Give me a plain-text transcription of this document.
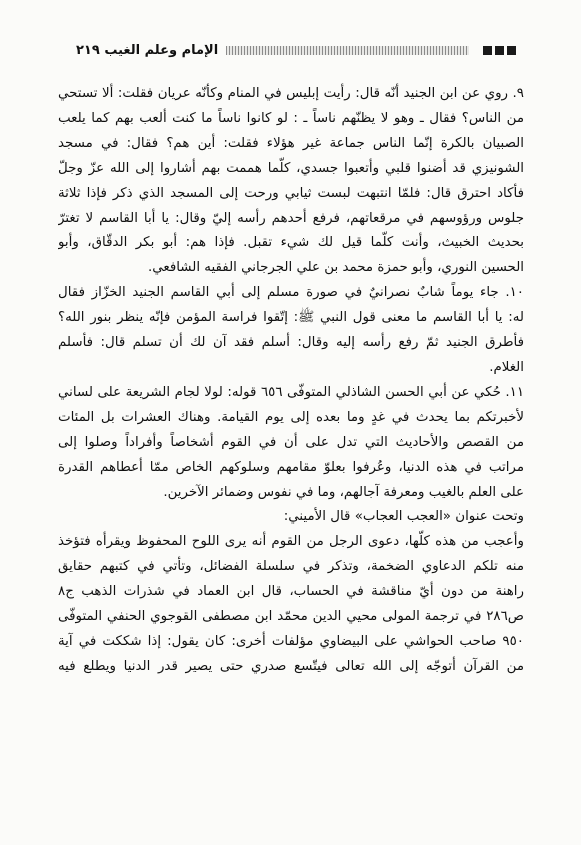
الإمام وعلم الغيب ٢١٩
٩. روي عن ابن الجنيد أنّه قال: رأيت إبليس في المنام وكأنّه عريان فقلت: ألا تستحي
من الناس؟ فقال ـ وهو لا يظنّهم ناساً ـ : لو كانوا ناساً ما كنت ألعب بهم كما يلعب
الصبيان بالكرة إنّما الناس جماعة غير هؤلاء فقلت: أين هم؟ فقال: في مسجد
الشونيزي قد أضنوا قلبي وأتعبوا جسدي، كلّما هممت بهم أشاروا إلى الله عزّ وجلّ
فأكاد احترق قال: فلمّا انتبهت لبست ثيابي ورحت إلى المسجد الذي ذكر فإذا ثلاثة
جلوس ورؤوسهم في مرقعاتهم، فرفع أحدهم رأسه إليّ وقال: يا أبا القاسم لا تغترّ
بحديث الخبيث، وأنت كلّما قيل لك شيء تقبل. فإذا هم: أبو بكر الدقّاق، وأبو
الحسين النوري، وأبو حمزة محمد بن علي الجرجاني الفقيه الشافعي.
١٠. جاء يوماً شابٌ نصرانيٌ في صورة مسلم إلى أبي القاسم الجنيد الخزّاز فقال
له: يا أبا القاسم ما معنى قول النبي ﷺ: إتّقوا فراسة المؤمن فإنّه ينظر بنور الله؟
فأطرق الجنيد ثمّ رفع رأسه إليه وقال: أسلم فقد آن لك أن تسلم قال: فأسلم
الغلام.
١١. حُكي عن أبي الحسن الشاذلي المتوفّى ٦٥٦ قوله: لولا لجام الشريعة على لساني
لأخبرتكم بما يحدث في غدٍ وما بعده إلى يوم القيامة. وهناك العشرات بل المئات
من القصص والأحاديث التي تدل على أن في القوم أشخاصاً وأفراداً وصلوا إلى
مراتب في هذه الدنيا، وعُرفوا بعلوّ مقامهم وسلوكهم الخاص ممّا أعطاهم القدرة
على العلم بالغيب ومعرفة آجالهم، وما في نفوس وضمائر الآخرين.
وتحت عنوان «العجب العجاب» قال الأميني:
وأعجب من هذه كلّها، دعوى الرجل من القوم أنه يرى اللوح المحفوظ ويقرأه فتؤخذ
منه تلكم الدعاوي الضخمة، وتذكر في سلسلة الفضائل، وتأتي في كتبهم حقايق
راهنة من دون أيّ مناقشة في الحساب، قال ابن العماد في شذرات الذهب ج٨
ص٢٨٦ في ترجمة المولى محيي الدين محمّد ابن مصطفى القوجوي الحنفي المتوفّى
٩٥٠ صاحب الحواشي على البيضاوي مؤلفات أخرى: كان يقول: إذا شككت في آية
من القرآن أتوجّه إلى الله تعالى فيتّسع صدري حتى يصير قدر الدنيا ويطلع فيه
